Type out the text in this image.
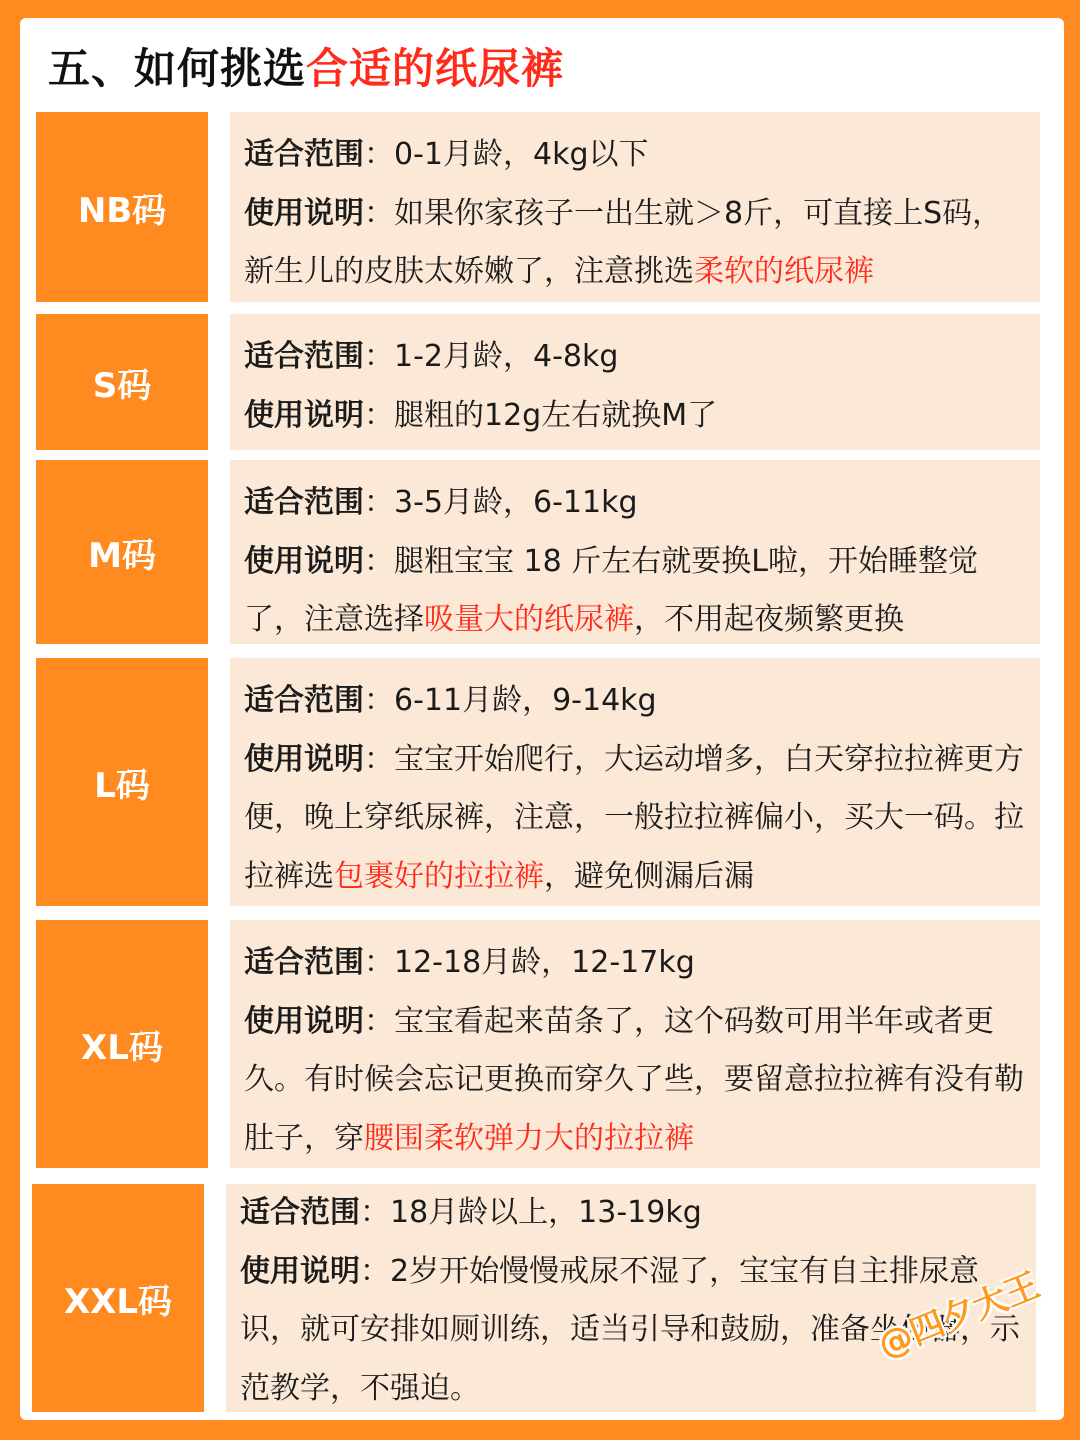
五、如何挑选合适的纸尿裤
NB码

适合范围：0-1月龄，4kg以下

使用说明：如果你家孩子一出生就＞8斤，可直接上S码，新生儿的皮肤太娇嫩了，注意挑选柔软的纸尿裤

S码

适合范围：1-2月龄，4-8kg

使用说明：腿粗的12g左右就换M了

M码

适合范围：3-5月龄，6-11kg

使用说明：腿粗宝宝 18 斤左右就要换L啦，开始睡整觉了，注意选择吸量大的纸尿裤，不用起夜频繁更换

L码

适合范围：6-11月龄，9-14kg

使用说明：宝宝开始爬行，大运动增多，白天穿拉拉裤更方便，晚上穿纸尿裤，注意，一般拉拉裤偏小，买大一码。拉拉裤选包裹好的拉拉裤，避免侧漏后漏

XL码

适合范围：12-18月龄，12-17kg

使用说明：宝宝看起来苗条了，这个码数可用半年或者更久。有时候会忘记更换而穿久了些，要留意拉拉裤有没有勒肚子，穿腰围柔软弹力大的拉拉裤

XXL码

适合范围：18月龄以上，13-19kg

使用说明：2岁开始慢慢戒尿不湿了，宝宝有自主排尿意识，就可安排如厕训练，适当引导和鼓励，准备坐便器，示范教学，不强迫。

@四夕大王
